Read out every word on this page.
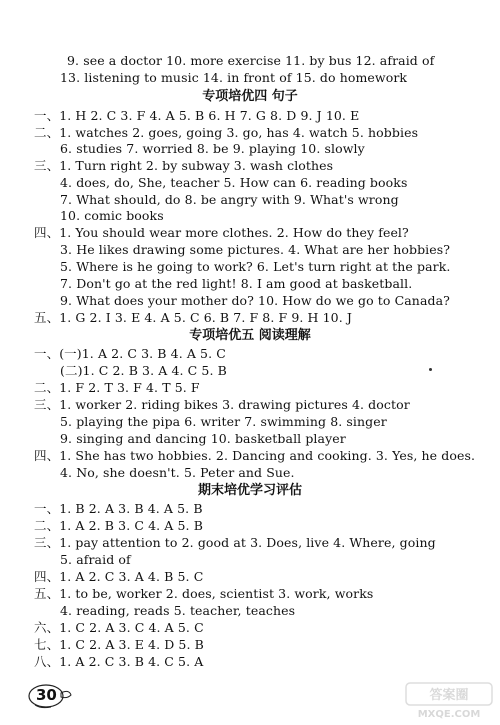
9. see a doctor 10. more exercise 11. by bus 12. afraid of
13. listening to music 14. in front of 15. do homework
专项培优四 句子
一、1. H 2. C 3. F 4. A 5. B 6. H 7. G 8. D 9. J 10. E
二、1. watches 2. goes, going 3. go, has 4. watch 5. hobbies
6. studies 7. worried 8. be 9. playing 10. slowly
三、1. Turn right 2. by subway 3. wash clothes
4. does, do, She, teacher 5. How can 6. reading books
7. What should, do 8. be angry with 9. What's wrong
10. comic books
四、1. You should wear more clothes. 2. How do they feel?
3. He likes drawing some pictures. 4. What are her hobbies?
5. Where is he going to work? 6. Let's turn right at the park.
7. Don't go at the red light! 8. I am good at basketball.
9. What does your mother do? 10. How do we go to Canada?
五、1. G 2. I 3. E 4. A 5. C 6. B 7. F 8. F 9. H 10. J
专项培优五 阅读理解
一、(一)1. A 2. C 3. B 4. A 5. C
(二)1. C 2. B 3. A 4. C 5. B
二、1. F 2. T 3. F 4. T 5. F
三、1. worker 2. riding bikes 3. drawing pictures 4. doctor
5. playing the pipa 6. writer 7. swimming 8. singer
9. singing and dancing 10. basketball player
四、1. She has two hobbies. 2. Dancing and cooking. 3. Yes, he does.
4. No, she doesn't. 5. Peter and Sue.
期末培优学习评估
一、1. B 2. A 3. B 4. A 5. B
二、1. A 2. B 3. C 4. A 5. B
三、1. pay attention to 2. good at 3. Does, live 4. Where, going
5. afraid of
四、1. A 2. C 3. A 4. B 5. C
五、1. to be, worker 2. does, scientist 3. work, works
4. reading, reads 5. teacher, teaches
六、1. C 2. A 3. C 4. A 5. C
七、1. C 2. A 3. E 4. D 5. B
八、1. A 2. C 3. B 4. C 5. A
30	答案圈
MXQE.COM
